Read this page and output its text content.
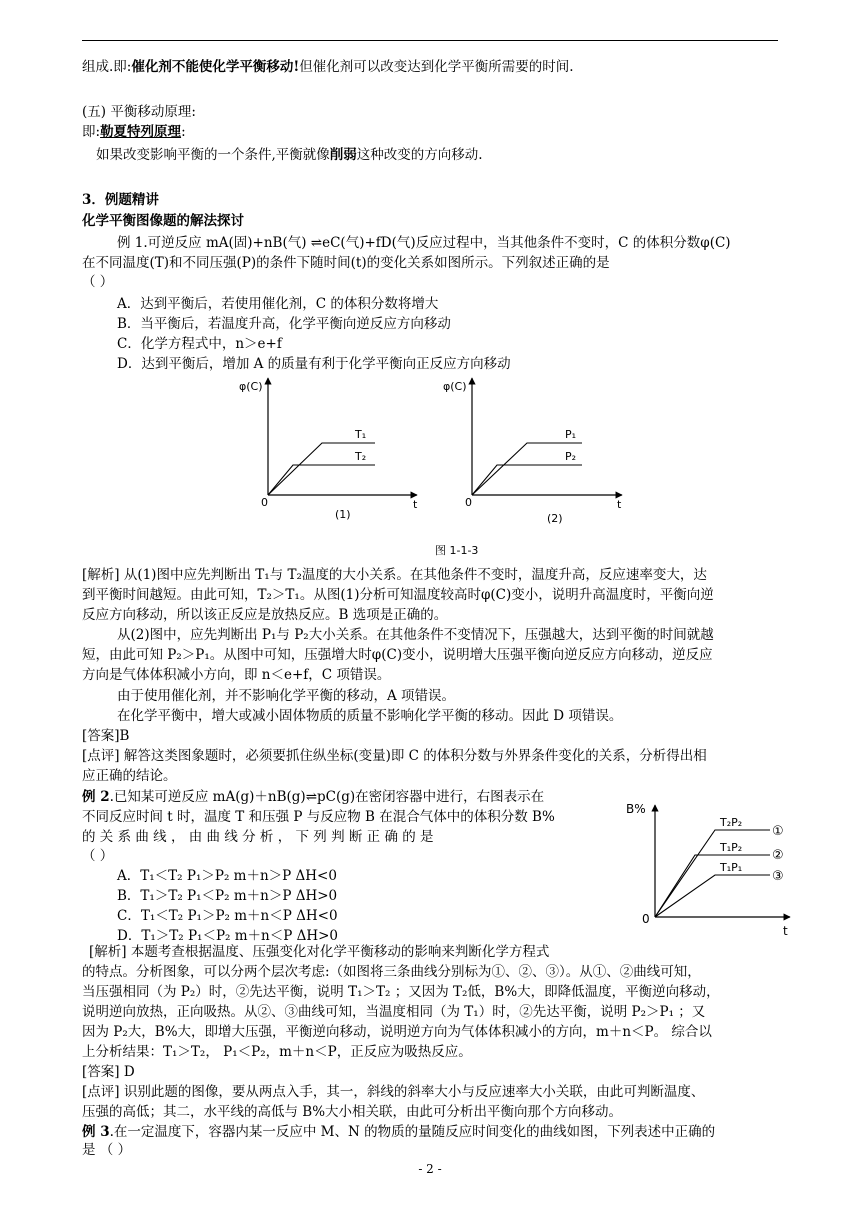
组成.即:催化剂不能使化学平衡移动!但催化剂可以改变达到化学平衡所需要的时间.
(五) 平衡移动原理:
即:勒夏特列原理:
如果改变影响平衡的一个条件,平衡就像削弱这种改变的方向移动.
3．例题精讲
化学平衡图像题的解法探讨
例 1.可逆反应 mA(固)+nB(气) ⇌eC(气)+fD(气)反应过程中，当其他条件不变时，C 的体积分数φ(C)
在不同温度(T)和不同压强(P)的条件下随时间(t)的变化关系如图所示。下列叙述正确的是
（ ）
A．达到平衡后，若使用催化剂，C 的体积分数将增大
B．当平衡后，若温度升高，化学平衡向逆反应方向移动
C．化学方程式中，n＞e+f
D．达到平衡后，增加 A 的质量有利于化学平衡向正反应方向移动
φ(C)
t
0
T₁
T₂
(1)
φ(C)
t
0
P₁
P₂
(2)
图 1-1-3
[解析] 从(1)图中应先判断出 T₁与 T₂温度的大小关系。在其他条件不变时，温度升高，反应速率变大，达
到平衡时间越短。由此可知，T₂＞T₁。从图(1)分析可知温度较高时φ(C)变小，说明升高温度时，平衡向逆
反应方向移动，所以该正反应是放热反应。B 选项是正确的。
从(2)图中，应先判断出 P₁与 P₂大小关系。在其他条件不变情况下，压强越大，达到平衡的时间就越
短，由此可知 P₂＞P₁。从图中可知，压强增大时φ(C)变小，说明增大压强平衡向逆反应方向移动，逆反应
方向是气体体积减小方向，即 n＜e+f，C 项错误。
由于使用催化剂，并不影响化学平衡的移动，A 项错误。
在化学平衡中，增大或减小固体物质的质量不影响化学平衡的移动。因此 D 项错误。
[答案]B
[点评] 解答这类图象题时，必须要抓住纵坐标(变量)即 C 的体积分数与外界条件变化的关系，分析得出相
应正确的结论。
例 2.已知某可逆反应 mA(g)＋nB(g)⇌pC(g)在密闭容器中进行，右图表示在
不同反应时间 t 时，温度 T 和压强 P 与反应物 B 在混合气体中的体积分数 B%
的 关 系 曲 线 ， 由 曲 线 分 析 ， 下 列 判 断 正 确 的 是
（ ）
A．T₁＜T₂ P₁＞P₂ m＋n＞P ΔH<0
B．T₁＞T₂ P₁＜P₂ m＋n＞P ΔH>0
C．T₁＜T₂ P₁＞P₂ m＋n＜P ΔH<0
D．T₁＞T₂ P₁＜P₂ m＋n＜P ΔH>0
B%
t
0
T₂P₂
T₁P₂
T₁P₁
①
②
③
[解析] 本题考查根据温度、压强变化对化学平衡移动的影响来判断化学方程式
的特点。分析图象，可以分两个层次考虑:（如图将三条曲线分别标为①、②、③）。从①、②曲线可知，
当压强相同（为 P₂）时，②先达平衡，说明 T₁＞T₂ ；又因为 T₂低，B%大，即降低温度，平衡逆向移动，
说明逆向放热，正向吸热。从②、③曲线可知，当温度相同（为 T₁）时，②先达平衡，说明 P₂＞P₁ ；又
因为 P₂大，B%大，即增大压强，平衡逆向移动，说明逆方向为气体体积减小的方向，m＋n＜P。 综合以
上分析结果：T₁＞T₂， P₁＜P₂，m＋n＜P，正反应为吸热反应。
[答案] D
[点评] 识别此题的图像，要从两点入手，其一，斜线的斜率大小与反应速率大小关联，由此可判断温度、
压强的高低；其二，水平线的高低与 B%大小相关联，由此可分析出平衡向那个方向移动。
例 3.在一定温度下，容器内某一反应中 M、N 的物质的量随反应时间变化的曲线如图，下列表述中正确的
是 （ ）
- 2 -
